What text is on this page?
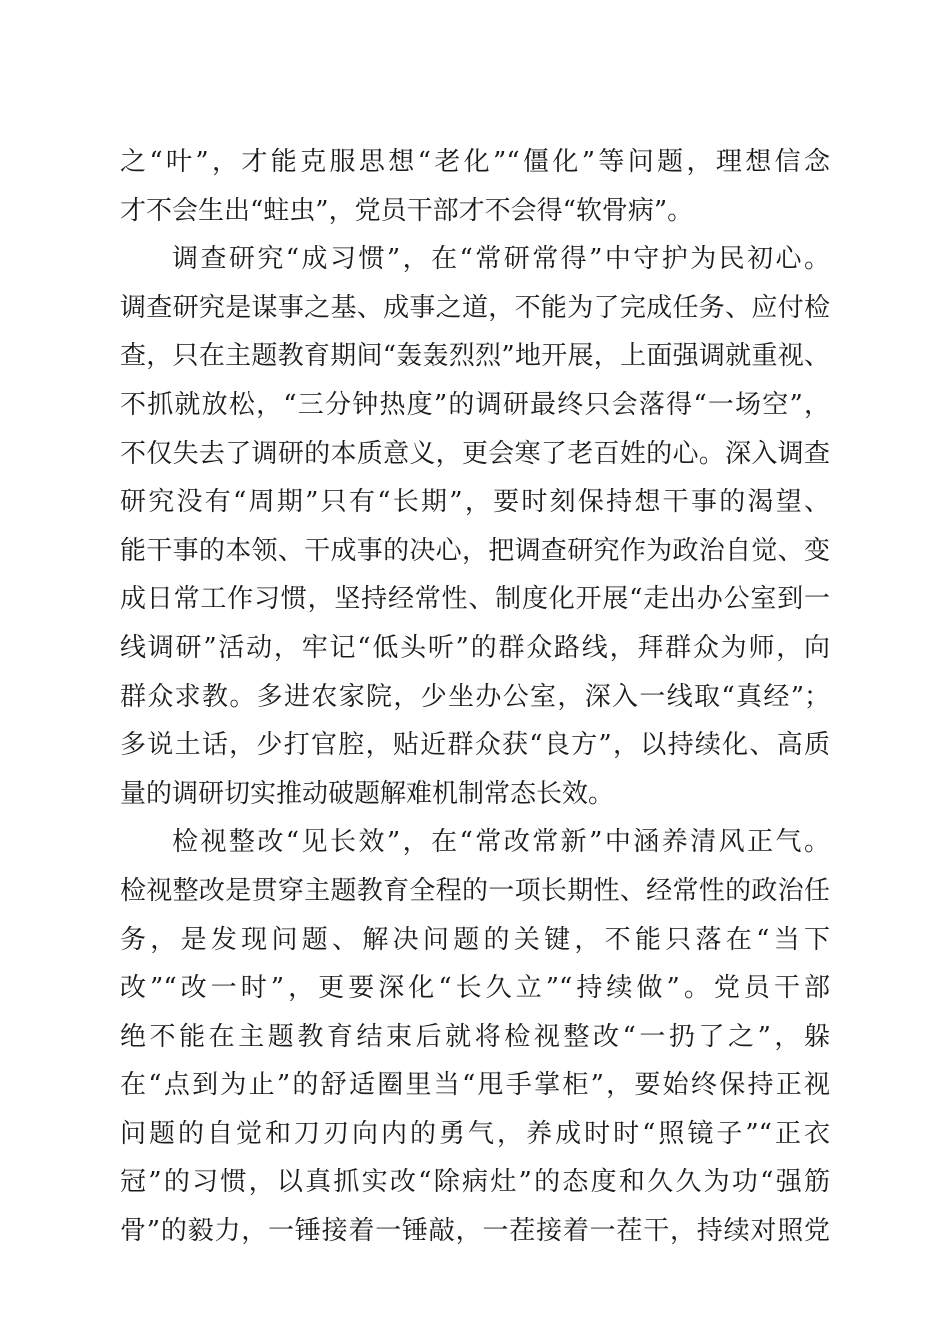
之“叶”，才能克服思想“老化”“僵化”等问题，理想信念
才不会生出“蛀虫”，党员干部才不会得“软骨病”。
调查研究“成习惯”，在“常研常得”中守护为民初心。
调查研究是谋事之基、成事之道，不能为了完成任务、应付检
查，只在主题教育期间“轰轰烈烈”地开展，上面强调就重视、
不抓就放松，“三分钟热度”的调研最终只会落得“一场空”，
不仅失去了调研的本质意义，更会寒了老百姓的心。深入调查
研究没有“周期”只有“长期”，要时刻保持想干事的渴望、
能干事的本领、干成事的决心，把调查研究作为政治自觉、变
成日常工作习惯，坚持经常性、制度化开展“走出办公室到一
线调研”活动，牢记“低头听”的群众路线，拜群众为师，向
群众求教。多进农家院，少坐办公室，深入一线取“真经”；
多说土话，少打官腔，贴近群众获“良方”，以持续化、高质
量的调研切实推动破题解难机制常态长效。
检视整改“见长效”，在“常改常新”中涵养清风正气。
检视整改是贯穿主题教育全程的一项长期性、经常性的政治任
务，是发现问题、解决问题的关键，不能只落在“当下
改”“改一时”，更要深化“长久立”“持续做”。党员干部
绝不能在主题教育结束后就将检视整改“一扔了之”，躲
在“点到为止”的舒适圈里当“甩手掌柜”，要始终保持正视
问题的自觉和刀刃向内的勇气，养成时时“照镜子”“正衣
冠”的习惯，以真抓实改“除病灶”的态度和久久为功“强筋
骨”的毅力，一锤接着一锤敲，一茬接着一茬干，持续对照党
